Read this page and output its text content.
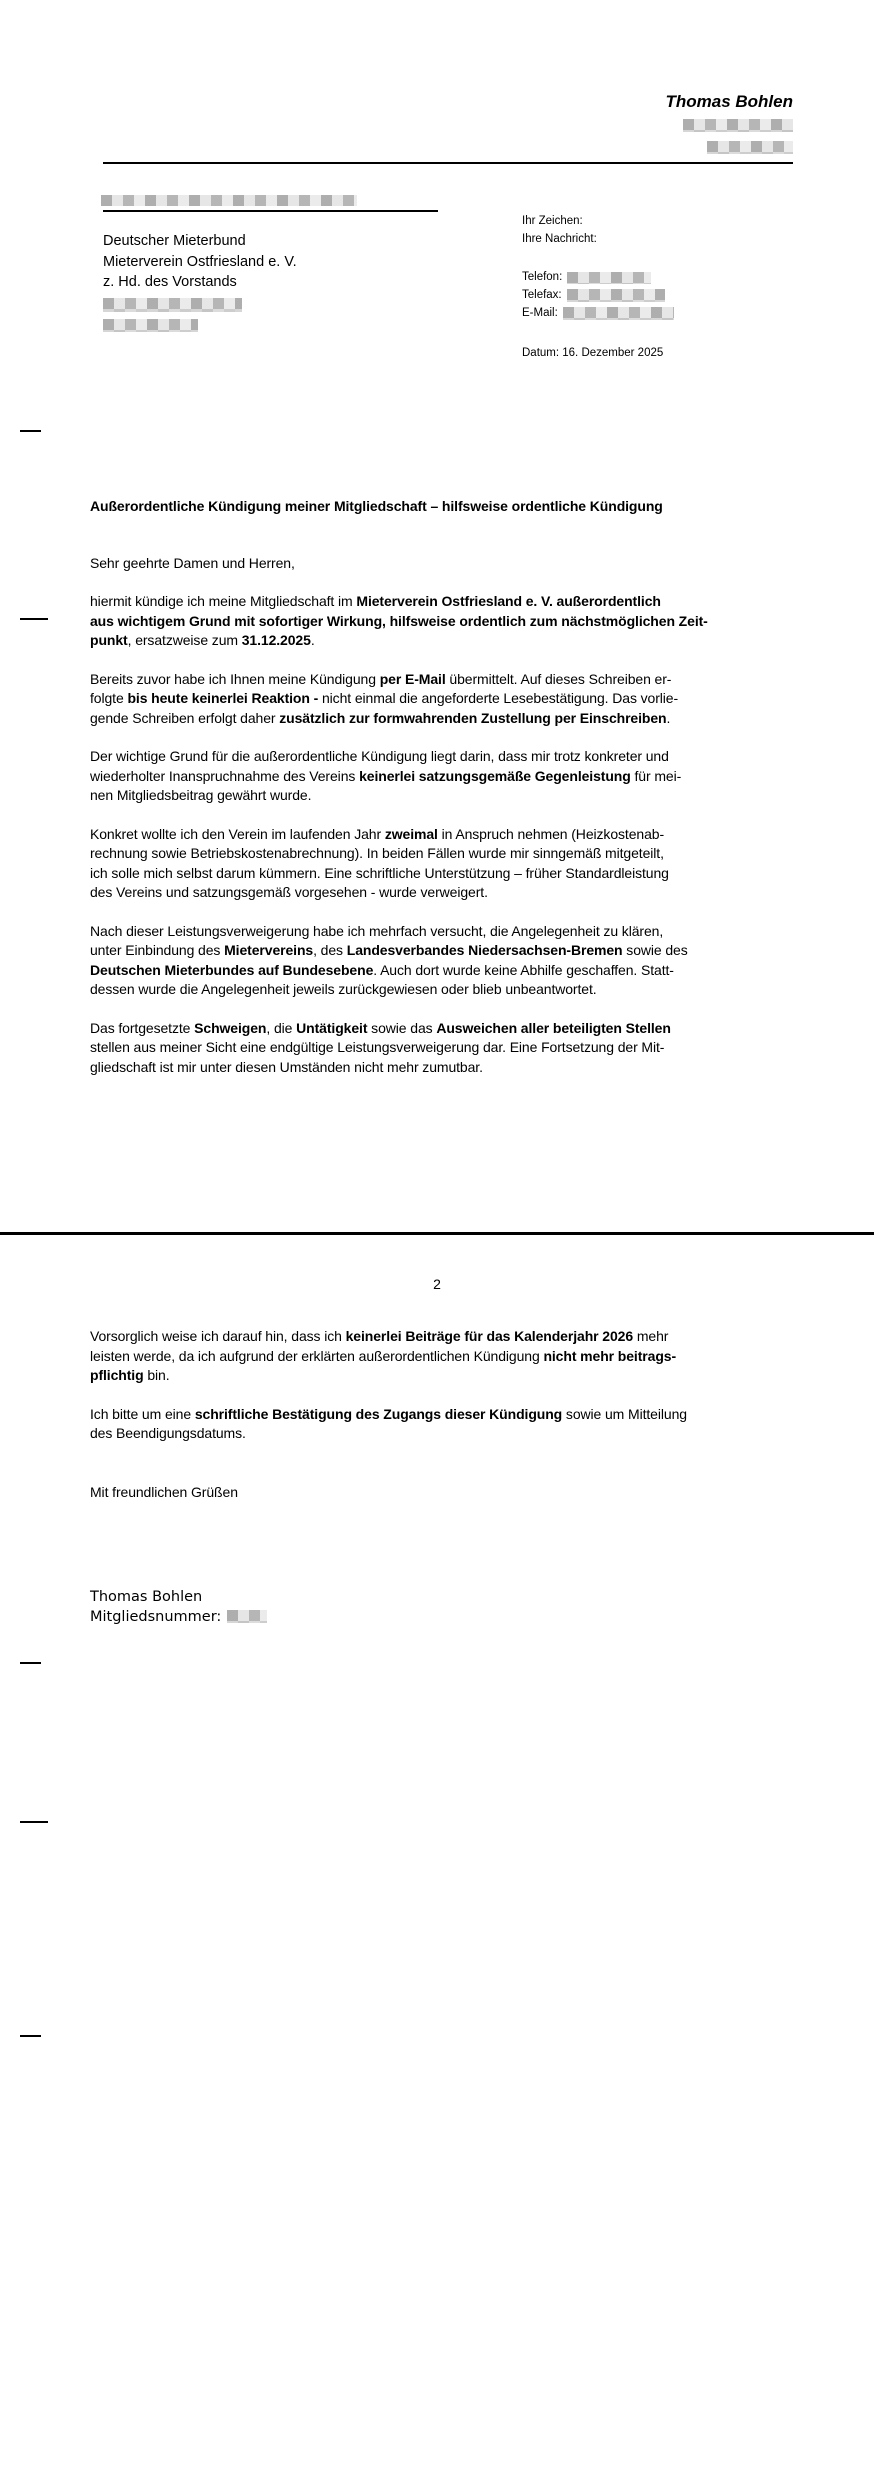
Thomas Bohlen
Deutscher Mieterbund
Mieterverein Ostfriesland e. V.
z. Hd. des Vorstands
Ihr Zeichen:
Ihre Nachricht:
Telefon:
Telefax:
E-Mail:
Datum: 16. Dezember 2025

Außerordentliche Kündigung meiner Mitgliedschaft – hilfsweise ordentliche Kündigung

Sehr geehrte Damen und Herren,

hiermit kündige ich meine Mitgliedschaft im Mieterverein Ostfriesland e. V. außerordentlich
aus wichtigem Grund mit sofortiger Wirkung, hilfsweise ordentlich zum nächstmöglichen Zeit-
punkt, ersatzweise zum 31.12.2025.

Bereits zuvor habe ich Ihnen meine Kündigung per E-Mail übermittelt. Auf dieses Schreiben er-
folgte bis heute keinerlei Reaktion - nicht einmal die angeforderte Lesebestätigung. Das vorlie-
gende Schreiben erfolgt daher zusätzlich zur formwahrenden Zustellung per Einschreiben.

Der wichtige Grund für die außerordentliche Kündigung liegt darin, dass mir trotz konkreter und
wiederholter Inanspruchnahme des Vereins keinerlei satzungsgemäße Gegenleistung für mei-
nen Mitgliedsbeitrag gewährt wurde.

Konkret wollte ich den Verein im laufenden Jahr zweimal in Anspruch nehmen (Heizkostenab-
rechnung sowie Betriebskostenabrechnung). In beiden Fällen wurde mir sinngemäß mitgeteilt,
ich solle mich selbst darum kümmern. Eine schriftliche Unterstützung – früher Standardleistung
des Vereins und satzungsgemäß vorgesehen - wurde verweigert.

Nach dieser Leistungsverweigerung habe ich mehrfach versucht, die Angelegenheit zu klären,
unter Einbindung des Mietervereins, des Landesverbandes Niedersachsen-Bremen sowie des
Deutschen Mieterbundes auf Bundesebene. Auch dort wurde keine Abhilfe geschaffen. Statt-
dessen wurde die Angelegenheit jeweils zurückgewiesen oder blieb unbeantwortet.

Das fortgesetzte Schweigen, die Untätigkeit sowie das Ausweichen aller beteiligten Stellen
stellen aus meiner Sicht eine endgültige Leistungsverweigerung dar. Eine Fortsetzung der Mit-
gliedschaft ist mir unter diesen Umständen nicht mehr zumutbar.

2

Vorsorglich weise ich darauf hin, dass ich keinerlei Beiträge für das Kalenderjahr 2026 mehr
leisten werde, da ich aufgrund der erklärten außerordentlichen Kündigung nicht mehr beitrags-
pflichtig bin.

Ich bitte um eine schriftliche Bestätigung des Zugangs dieser Kündigung sowie um Mitteilung
des Beendigungsdatums.

Mit freundlichen Grüßen

Thomas Bohlen
Mitgliedsnummer:
